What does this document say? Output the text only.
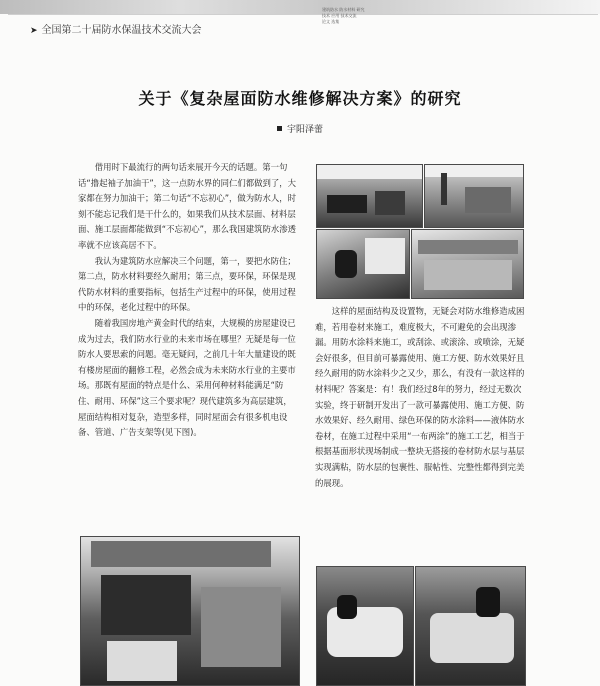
建筑防水 防水材料 研究
技术 应用 技术交流
论文 选集
➤ 全国第二十届防水保温技术交流大会
关于《复杂屋面防水维修解决方案》的研究
宇阳泽蕾

借用时下最流行的两句话来展开今天的话题。第一句话“撸起袖子加油干”，这一点防水界的同仁们都做到了，大家都在努力加油干；第二句话“不忘初心”，做为防水人，时刻不能忘记我们是干什么的，如果我们从技术层面、材料层面、施工层面都能做到“不忘初心”，那么我国建筑防水渗透率就不应该高居不下。

我认为建筑防水应解决三个问题，第一，要把水防住；第二点，防水材料要经久耐用；第三点，要环保，环保是现代防水材料的重要指标，包括生产过程中的环保，使用过程中的环保，老化过程中的环保。

随着我国房地产黄金时代的结束，大规模的房屋建设已成为过去，我们防水行业的未来市场在哪里？无疑是每一位防水人要思索的问题。毫无疑问，之前几十年大量建设的既有楼房屋面的翻修工程，必然会成为未来防水行业的主要市场。那既有屋面的特点是什么、采用何种材料能满足“防住、耐用、环保”这三个要求呢？现代建筑多为高层建筑，屋面结构相对复杂，造型多样，同时屋面会有很多机电设备、管道、广告支架等(见下图)。

这样的屋面结构及设置物，无疑会对防水维修造成困难，若用卷材来施工，难度极大，不可避免的会出现渗漏。用防水涂料来施工，或刮涂、或滚涂、或喷涂，无疑会好很多，但目前可暴露使用、施工方便、防水效果好且经久耐用的防水涂料少之又少，那么，有没有一款这样的材料呢？答案是：有！我们经过8年的努力，经过无数次实验，终于研制开发出了一款可暴露使用、施工方便、防水效果好、经久耐用、绿色环保的防水涂料——液体防水卷材，在施工过程中采用“一布两涂”的施工工艺，相当于根据基面形状现场制成一整块无搭接的卷材防水层与基层实现满粘，防水层的包裹性、服帖性、完整性都得到完美的展现。
